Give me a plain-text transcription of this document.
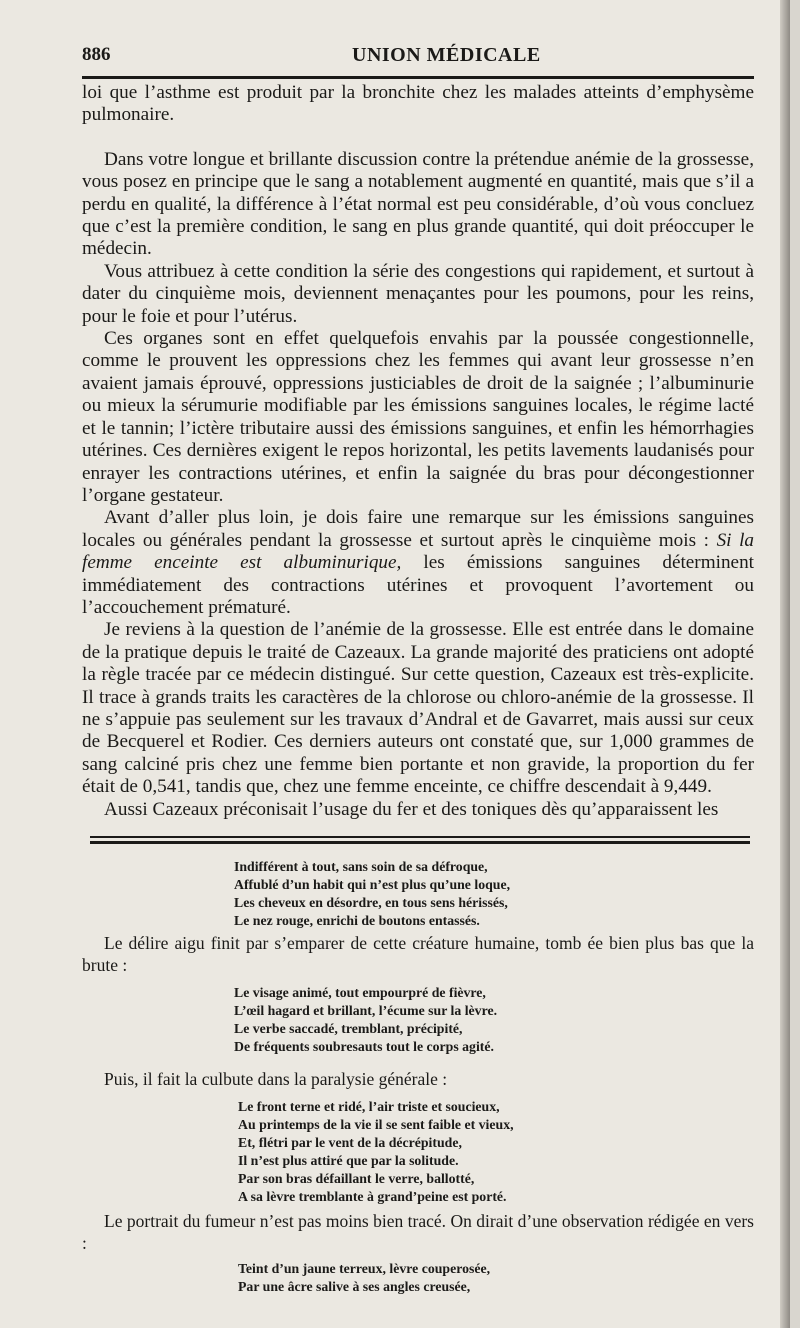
886	UNION MÉDICALE

loi que l’asthme est produit par la bronchite chez les malades atteints d’emphysème pulmonaire.

Dans votre longue et brillante discussion contre la prétendue anémie de la grossesse, vous posez en principe que le sang a notablement augmenté en quantité, mais que s’il a perdu en qualité, la différence à l’état normal est peu considérable, d’où vous concluez que c’est la première condition, le sang en plus grande quantité, qui doit préoccuper le médecin.

Vous attribuez à cette condition la série des congestions qui rapidement, et surtout à dater du cinquième mois, deviennent menaçantes pour les poumons, pour les reins, pour le foie et pour l’utérus.

Ces organes sont en effet quelquefois envahis par la poussée congestionnelle, comme le prouvent les oppressions chez les femmes qui avant leur grossesse n’en avaient jamais éprouvé, oppressions justiciables de droit de la saignée ; l’albuminurie ou mieux la sérumurie modifiable par les émissions sanguines locales, le régime lacté et le tannin; l’ictère tributaire aussi des émissions sanguines, et enfin les hémorrhagies utérines. Ces dernières exigent le repos horizontal, les petits lavements laudanisés pour enrayer les contractions utérines, et enfin la saignée du bras pour décongestionner l’organe gestateur.

Avant d’aller plus loin, je dois faire une remarque sur les émissions sanguines locales ou générales pendant la grossesse et surtout après le cinquième mois : Si la femme enceinte est albuminurique, les émissions sanguines déterminent immédiatement des contractions utérines et provoquent l’avortement ou l’accouchement prématuré.

Je reviens à la question de l’anémie de la grossesse. Elle est entrée dans le domaine de la pratique depuis le traité de Cazeaux. La grande majorité des praticiens ont adopté la règle tracée par ce médecin distingué. Sur cette question, Cazeaux est très-explicite. Il trace à grands traits les caractères de la chlorose ou chloro-anémie de la grossesse. Il ne s’appuie pas seulement sur les travaux d’Andral et de Gavarret, mais aussi sur ceux de Becquerel et Rodier. Ces derniers auteurs ont constaté que, sur 1,000 grammes de sang calciné pris chez une femme bien portante et non gravide, la proportion du fer était de 0,541, tandis que, chez une femme enceinte, ce chiffre descendait à 9,449.

Aussi Cazeaux préconisait l’usage du fer et des toniques dès qu’apparaissent les

Indifférent à tout, sans soin de sa défroque,
Affublé d’un habit qui n’est plus qu’une loque,
Les cheveux en désordre, en tous sens hérissés,
Le nez rouge, enrichi de boutons entassés.
Le délire aigu finit par s’emparer de cette créature humaine, tomb ée bien plus bas que la brute :
Le visage animé, tout empourpré de fièvre,
L’œil hagard et brillant, l’écume sur la lèvre.
Le verbe saccadé, tremblant, précipité,
De fréquents soubresauts tout le corps agité.
Puis, il fait la culbute dans la paralysie générale :
Le front terne et ridé, l’air triste et soucieux,
Au printemps de la vie il se sent faible et vieux,
Et, flétri par le vent de la décrépitude,
Il n’est plus attiré que par la solitude.
Par son bras défaillant le verre, ballotté,
A sa lèvre tremblante à grand’peine est porté.
Le portrait du fumeur n’est pas moins bien tracé. On dirait d’une observation rédigée en vers :
Teint d’un jaune terreux, lèvre couperosée,
Par une âcre salive à ses angles creusée,
